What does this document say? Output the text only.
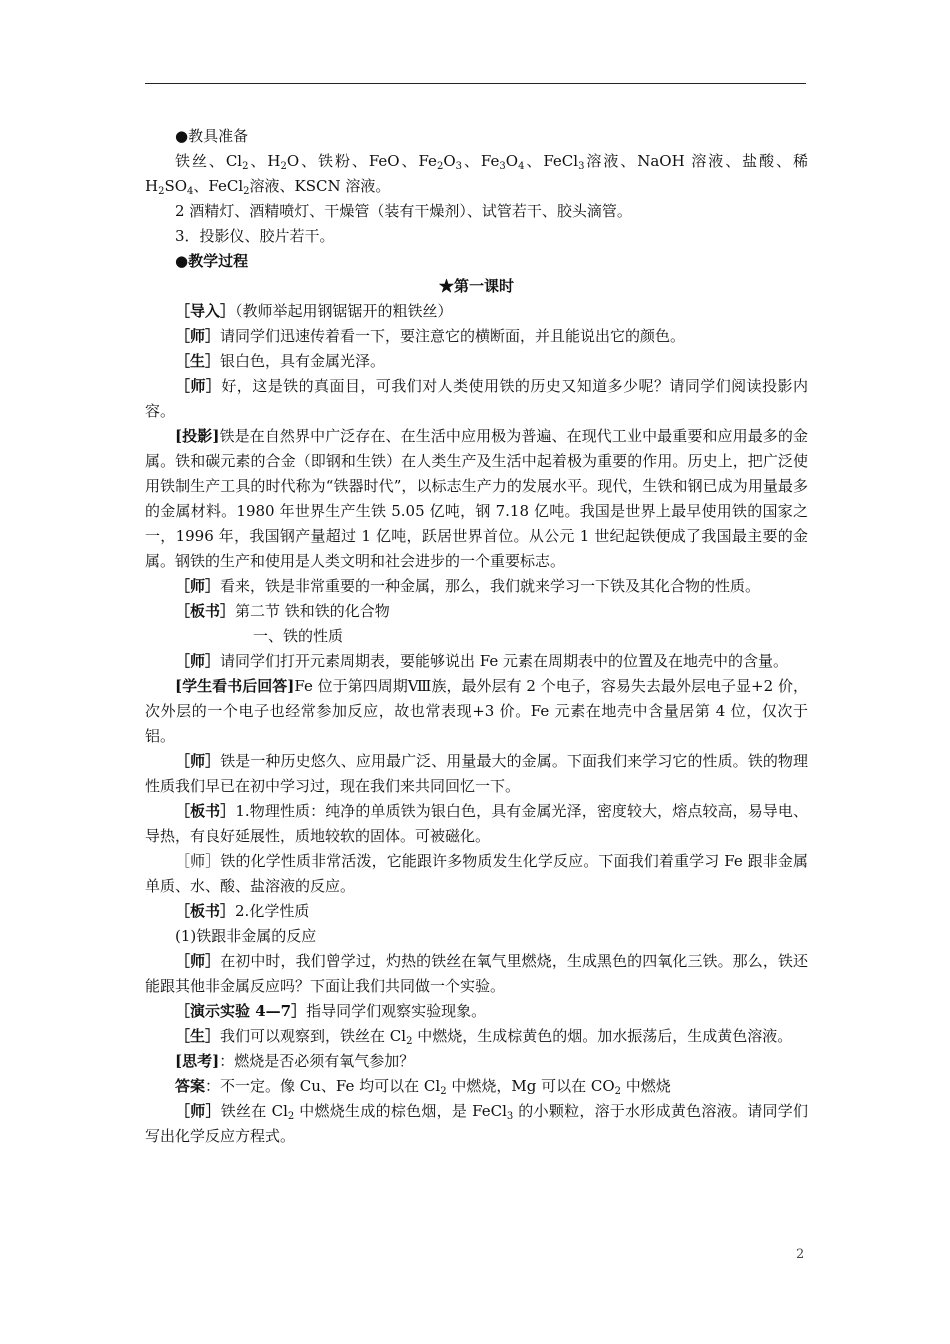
●教具准备

铁丝、$Cl_2$、$H_2O$、铁粉、FeO、$Fe_2O_3$、$Fe_3O_4$、FeCl$_3$溶液、NaOH 溶液、盐酸、稀 $H_2SO_4$、FeCl$_2$溶液、KSCN 溶液。

2 酒精灯、酒精喷灯、干燥管（装有干燥剂）、试管若干、胶头滴管。

3．投影仪、胶片若干。

●教学过程

★第一课时

［导入］（教师举起用钢锯锯开的粗铁丝）

［师］请同学们迅速传着看一下，要注意它的横断面，并且能说出它的颜色。

［生］银白色，具有金属光泽。

［师］好，这是铁的真面目，可我们对人类使用铁的历史又知道多少呢？请同学们阅读投影内容。

[投影]铁是在自然界中广泛存在、在生活中应用极为普遍、在现代工业中最重要和应用最多的金属。铁和碳元素的合金（即钢和生铁）在人类生产及生活中起着极为重要的作用。历史上，把广泛使用铁制生产工具的时代称为“铁器时代”，以标志生产力的发展水平。现代，生铁和钢已成为用量最多的金属材料。1980 年世界生产生铁 5.05 亿吨，钢 7.18 亿吨。我国是世界上最早使用铁的国家之一，1996 年，我国钢产量超过 1 亿吨，跃居世界首位。从公元 1 世纪起铁便成了我国最主要的金属。钢铁的生产和使用是人类文明和社会进步的一个重要标志。

［师］看来，铁是非常重要的一种金属，那么，我们就来学习一下铁及其化合物的性质。

［板书］第二节 铁和铁的化合物

一、铁的性质

［师］请同学们打开元素周期表，要能够说出 Fe 元素在周期表中的位置及在地壳中的含量。

[学生看书后回答]Fe 位于第四周期Ⅷ族，最外层有 2 个电子，容易失去最外层电子显+2 价，次外层的一个电子也经常参加反应，故也常表现+3 价。Fe 元素在地壳中含量居第 4 位，仅次于铝。

［师］铁是一种历史悠久、应用最广泛、用量最大的金属。下面我们来学习它的性质。铁的物理性质我们早已在初中学习过，现在我们来共同回忆一下。

［板书］1.物理性质：纯净的单质铁为银白色，具有金属光泽，密度较大，熔点较高，易导电、导热，有良好延展性，质地较软的固体。可被磁化。

［师］铁的化学性质非常活泼，它能跟许多物质发生化学反应。下面我们着重学习 Fe 跟非金属单质、水、酸、盐溶液的反应。

［板书］2.化学性质

(1)铁跟非金属的反应

［师］在初中时，我们曾学过，灼热的铁丝在氧气里燃烧，生成黑色的四氧化三铁。那么，铁还能跟其他非金属反应吗？下面让我们共同做一个实验。

［演示实验 4—7］指导同学们观察实验现象。

［生］我们可以观察到，铁丝在 $Cl_2$ 中燃烧，生成棕黄色的烟。加水振荡后，生成黄色溶液。

[思考]：燃烧是否必须有氧气参加？

答案：不一定。像 Cu、Fe 均可以在 $Cl_2$ 中燃烧，Mg 可以在 $CO_2$ 中燃烧

［师］铁丝在 $Cl_2$ 中燃烧生成的棕色烟，是 FeCl$_3$ 的小颗粒，溶于水形成黄色溶液。请同学们写出化学反应方程式。

2
